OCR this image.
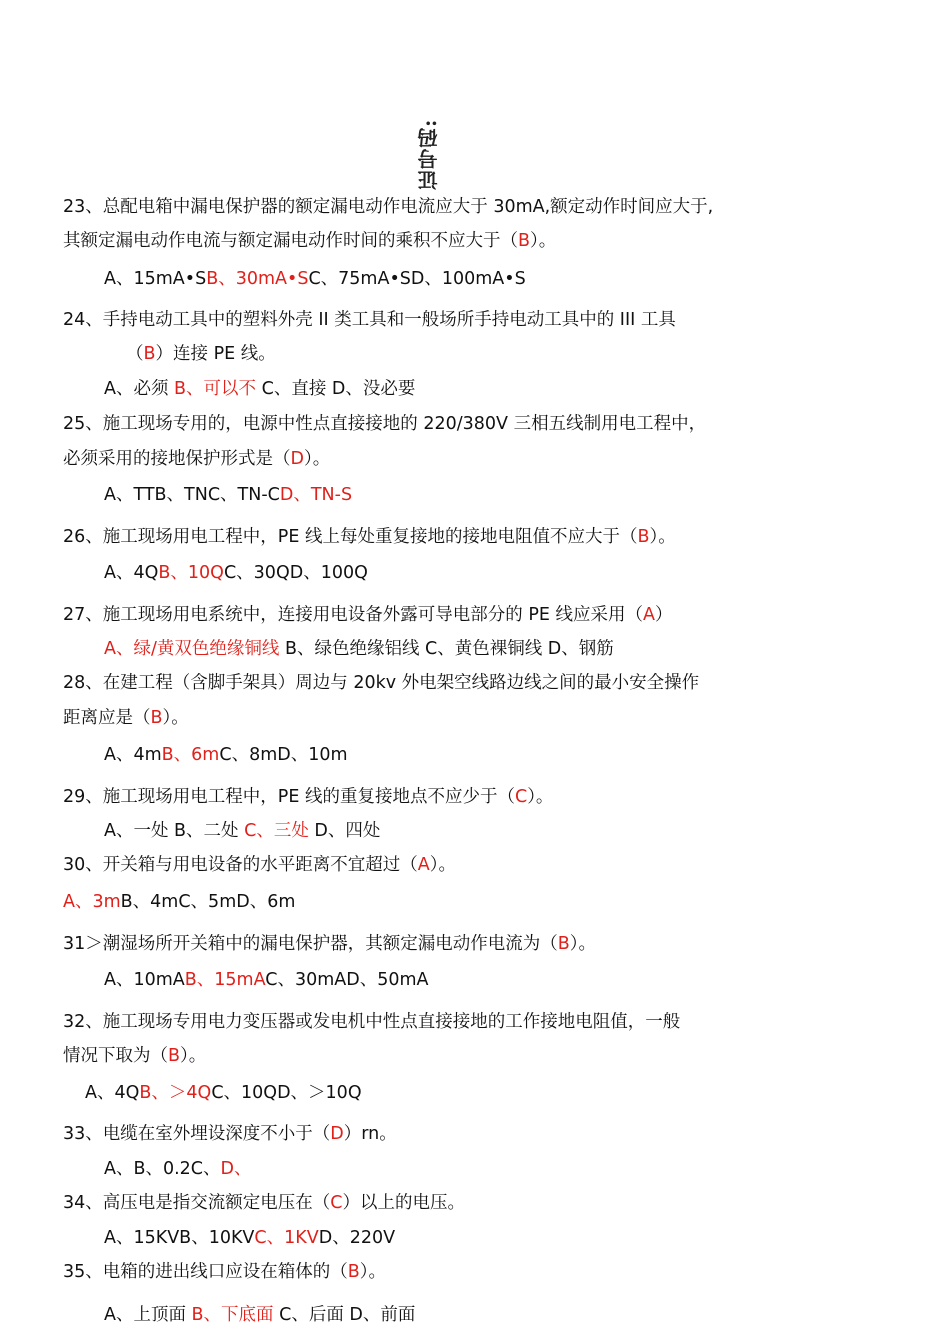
证号码:
23、总配电箱中漏电保护器的额定漏电动作电流应大于 30mA,额定动作时间应大于,
其额定漏电动作电流与额定漏电动作时间的乘积不应大于（B）。
A、15mA•SB、30mA•SC、75mA•SD、100mA•S
24、手持电动工具中的塑料外壳 II 类工具和一般场所手持电动工具中的 III 工具
（B）连接 PE 线。
A、必须 B、可以不 C、直接 D、没必要
25、施工现场专用的，电源中性点直接接地的 220/380V 三相五线制用电工程中，
必须采用的接地保护形式是（D）。
A、TTB、TNC、TN-CD、TN-S
26、施工现场用电工程中，PE 线上每处重复接地的接地电阻值不应大于（B）。
A、4QB、10QC、30QD、100Q
27、施工现场用电系统中，连接用电设备外露可导电部分的 PE 线应采用（A）
A、绿/黄双色绝缘铜线 B、绿色绝缘铝线 C、黄色裸铜线 D、钢筋
28、在建工程（含脚手架具）周边与 20kv 外电架空线路边线之间的最小安全操作
距离应是（B）。
A、4mB、6mC、8mD、10m
29、施工现场用电工程中，PE 线的重复接地点不应少于（C）。
A、一处 B、二处 C、三处 D、四处
30、开关箱与用电设备的水平距离不宜超过（A）。
A、3mB、4mC、5mD、6m
31＞潮湿场所开关箱中的漏电保护器，其额定漏电动作电流为（B）。
A、10mAB、15mAC、30mAD、50mA
32、施工现场专用电力变压器或发电机中性点直接接地的工作接地电阻值，一般
情况下取为（B）。
A、4QB、＞4QC、10QD、＞10Q
33、电缆在室外埋设深度不小于（D）rn。
A、B、0.2C、D、
34、高压电是指交流额定电压在（C）以上的电压。
A、15KVB、10KVC、1KVD、220V
35、电箱的进出线口应设在箱体的（B）。
A、上顶面 B、下底面 C、后面 D、前面
